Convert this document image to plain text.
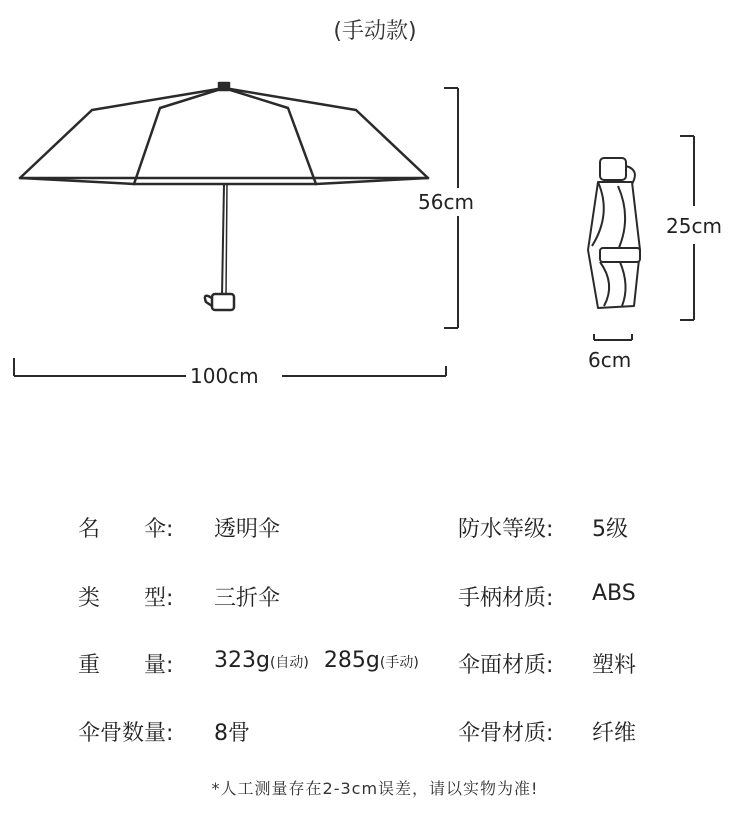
(手动款)
56cm
100cm
25cm
6cm
名　　伞: 透明伞
类　　型: 三折伞
重　　量: 323g(自动) 285g(手动)
伞骨数量: 8骨
防水等级: 5级
手柄材质: ABS
伞面材质: 塑料
伞骨材质: 纤维
*人工测量存在2-3cm误差，请以实物为准!
